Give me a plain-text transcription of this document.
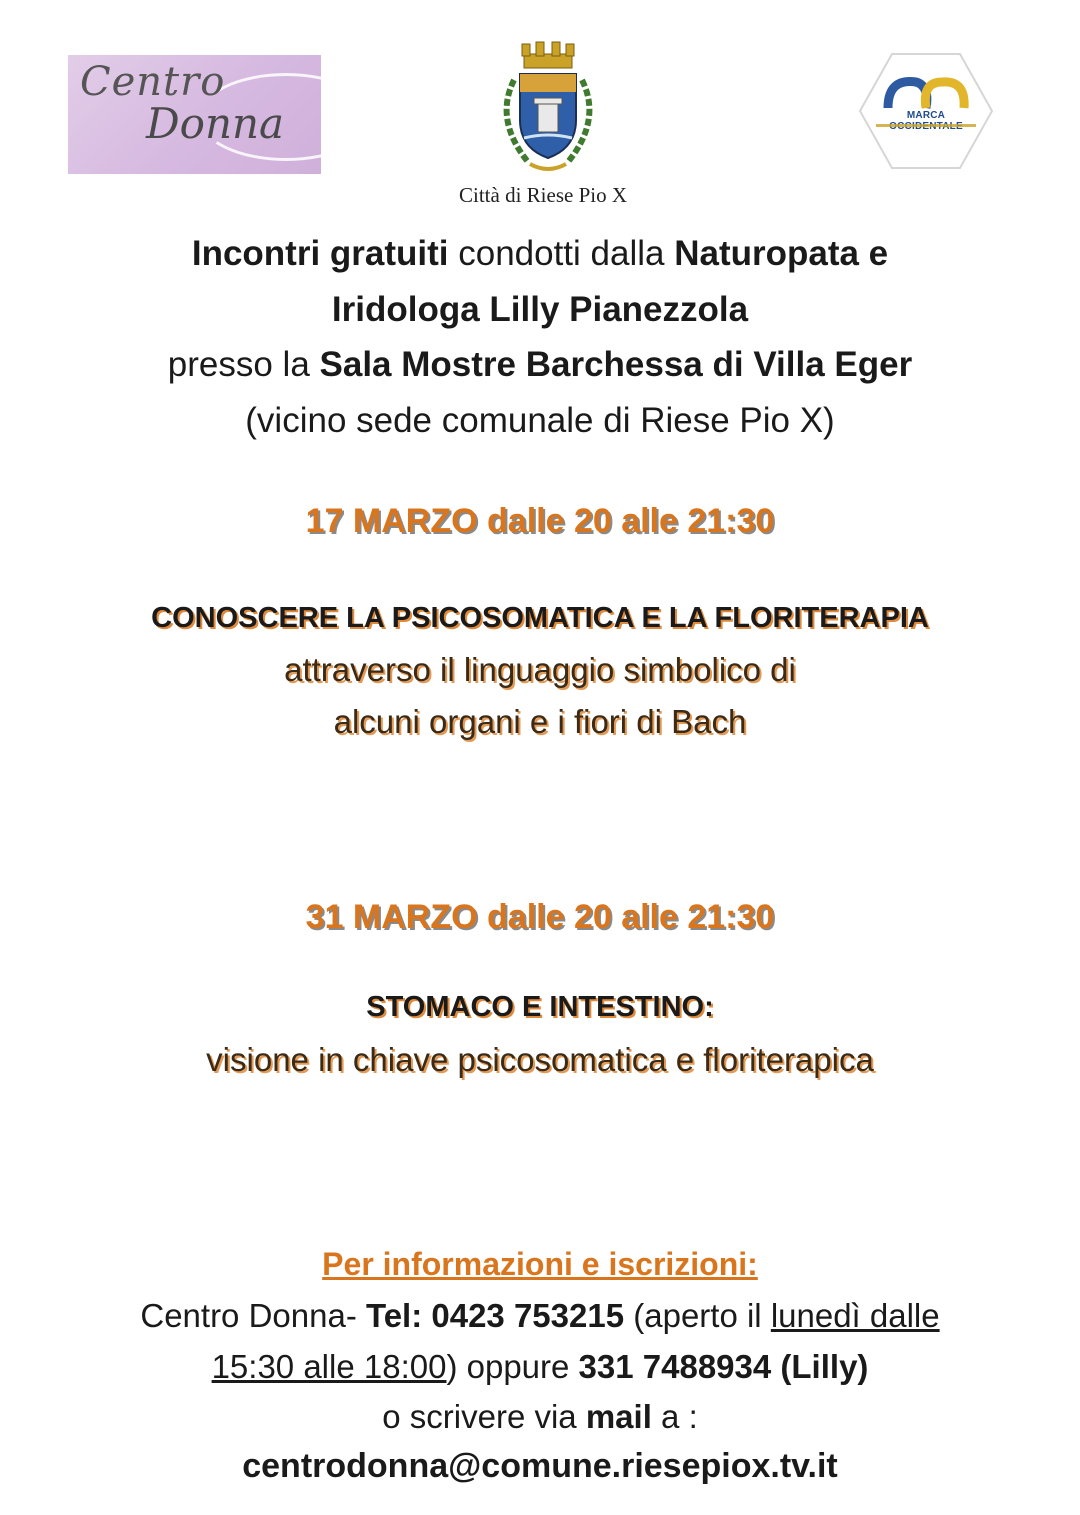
Centro
Donna
Città di Riese Pio X
MARCA
Incontri gratuiti condotti dalla Naturopata e
Iridologa Lilly Pianezzola
presso la Sala Mostre Barchessa di Villa Eger
(vicino sede comunale di Riese Pio X)
17 MARZO dalle 20 alle 21:30
CONOSCERE LA PSICOSOMATICA E LA FLORITERAPIA
attraverso il linguaggio simbolico di
alcuni organi e i fiori di Bach
31 MARZO dalle 20 alle 21:30
STOMACO E INTESTINO:
visione in chiave psicosomatica e floriterapica
Per informazioni e iscrizioni:
Centro Donna- Tel: 0423 753215 (aperto il lunedì dalle
15:30 alle 18:00) oppure 331 7488934 (Lilly)
o scrivere via mail a :
centrodonna@comune.riesepiox.tv.it
